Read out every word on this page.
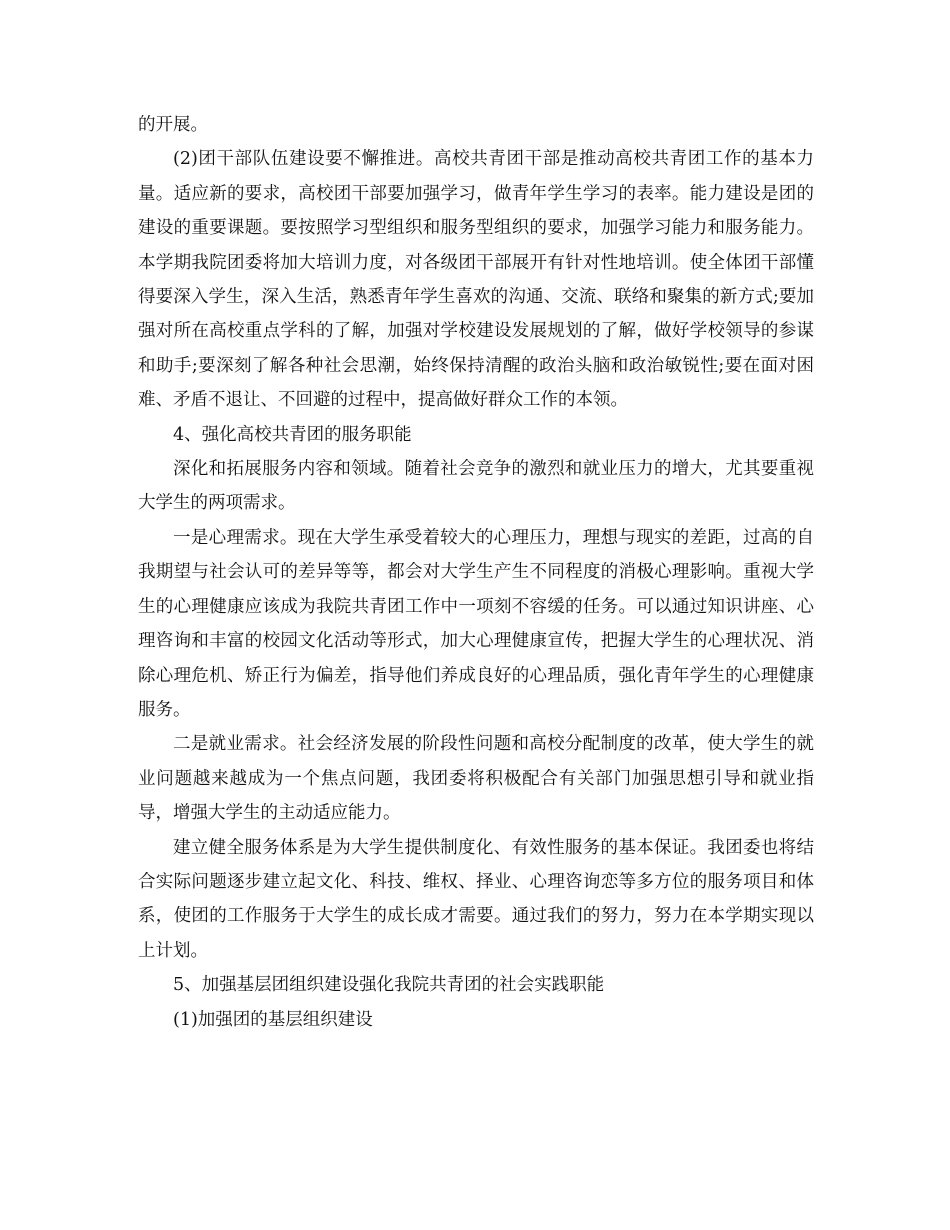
的开展。

(2)团干部队伍建设要不懈推进。高校共青团干部是推动高校共青团工作的基本力量。适应新的要求，高校团干部要加强学习，做青年学生学习的表率。能力建设是团的建设的重要课题。要按照学习型组织和服务型组织的要求，加强学习能力和服务能力。本学期我院团委将加大培训力度，对各级团干部展开有针对性地培训。使全体团干部懂得要深入学生，深入生活，熟悉青年学生喜欢的沟通、交流、联络和聚集的新方式;要加强对所在高校重点学科的了解，加强对学校建设发展规划的了解，做好学校领导的参谋和助手;要深刻了解各种社会思潮，始终保持清醒的政治头脑和政治敏锐性;要在面对困难、矛盾不退让、不回避的过程中，提高做好群众工作的本领。

4、强化高校共青团的服务职能

深化和拓展服务内容和领域。随着社会竞争的激烈和就业压力的增大，尤其要重视大学生的两项需求。

一是心理需求。现在大学生承受着较大的心理压力，理想与现实的差距，过高的自我期望与社会认可的差异等等，都会对大学生产生不同程度的消极心理影响。重视大学生的心理健康应该成为我院共青团工作中一项刻不容缓的任务。可以通过知识讲座、心理咨询和丰富的校园文化活动等形式，加大心理健康宣传，把握大学生的心理状况、消除心理危机、矫正行为偏差，指导他们养成良好的心理品质，强化青年学生的心理健康服务。

二是就业需求。社会经济发展的阶段性问题和高校分配制度的改革，使大学生的就业问题越来越成为一个焦点问题，我团委将积极配合有关部门加强思想引导和就业指导，增强大学生的主动适应能力。

建立健全服务体系是为大学生提供制度化、有效性服务的基本保证。我团委也将结合实际问题逐步建立起文化、科技、维权、择业、心理咨询恋等多方位的服务项目和体系，使团的工作服务于大学生的成长成才需要。通过我们的努力，努力在本学期实现以上计划。

5、加强基层团组织建设强化我院共青团的社会实践职能

(1)加强团的基层组织建设
